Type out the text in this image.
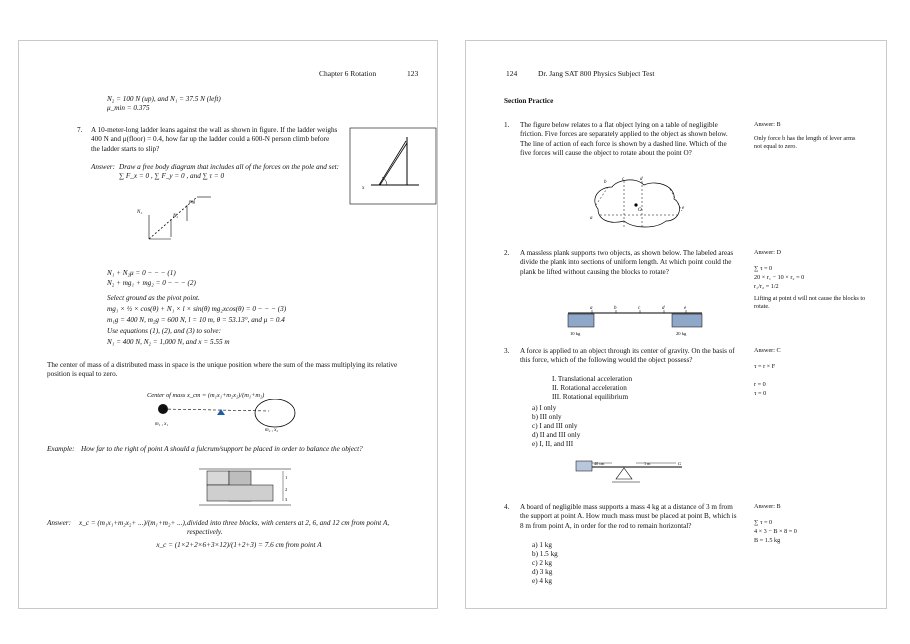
Chapter 6 Rotation	123
N₂ = 100 N (up), and N₁ = 37.5 N (left)
μ_min = 0.375
7. A 10-meter-long ladder leans against the wall as shown in figure. If the ladder weighs 400 N and μ(floor) = 0.4, how far up the ladder could a 600-N person climb before the ladder starts to slip?
Answer: Draw a free body diagram that includes all of the forces on the pole and set: ∑ F_x = 0 , ∑ F_y = 0 , and ∑ τ = 0
x
N₂
mg
N₁
N₁ + N₂μ = 0 − − − (1)
N₂ + mg₁ + mg₂ = 0 − − − (2)
Select ground as the pivot point.
mg₁ × ½ × cos(θ) + N₁ × l × sin(θ) mg₂xcos(θ) = 0 − − − (3)
m₁g = 400 N, m₂g = 600 N, l = 10 m, θ = 53.13°, and μ = 0.4
Use equations (1), (2), and (3) to solve:
N₁ = 400 N, N₂ = 1,000 N, and x = 5.55 m
The center of mass of a distributed mass in space is the unique position where the sum of the mass multiplying its relative position is equal to zero.
Center of mass x_cm = (m₁x₁+m₂x₂)/(m₁+m₂)
m₁ , x₁
m₂ , x₂
Example: How far to the right of point A should a fulcrum/support be placed in order to balance the object?
1
2
3
Answer: x_c = (m₁x₁+m₂x₂+ ...)/(m₁+m₂+ ...), divided into three blocks, with centers at 2, 6, and 12 cm from point A, respectively.
x_c = (1×2+2×6+3×12)/(1+2+3) = 7.6 cm from point A
124	Dr. Jang SAT 800 Physics Subject Test
Section Practice
1. The figure below relates to a flat object lying on a table of negligible friction. Five forces are separately applied to the object as shown below. The line of action of each force is shown by a dashed line. Which of the five forces will cause the object to rotate about the point O?
Answer: B
Only force b has the length of lever arms not equal to zero.
b
c	d
a
e
O
2. A massless plank supports two objects, as shown below. The labeled areas divide the plank into sections of uniform length. At which point could the plank be lifted without causing the blocks to rotate?
Answer: D
∑ τ = 0
20 × r₁ − 10 × r₂ = 0
r₁/r₂ = 1/2
Lifting at point d will not cause the blocks to rotate.
a	b	c	d	e
10 kg	20 kg
3. A force is applied to an object through its center of gravity. On the basis of this force, which of the following would the object possess?
I. Translational acceleration
II. Rotational acceleration
III. Rotational equilibrium
a) I only
b) III only
c) I and III only
d) II and III only
e) I, II, and III
Answer: C
τ = r × F
r = 0
τ = 0
40 cm	1 m	G
4. A board of negligible mass supports a mass 4 kg at a distance of 3 m from the support at point A. How much mass must be placed at point B, which is 8 m from point A, in order for the rod to remain horizontal?
a) 1 kg
b) 1.5 kg
c) 2 kg
d) 3 kg
e) 4 kg
Answer: B
∑ τ = 0
4 × 3 − B × 8 = 0
B = 1.5 kg
